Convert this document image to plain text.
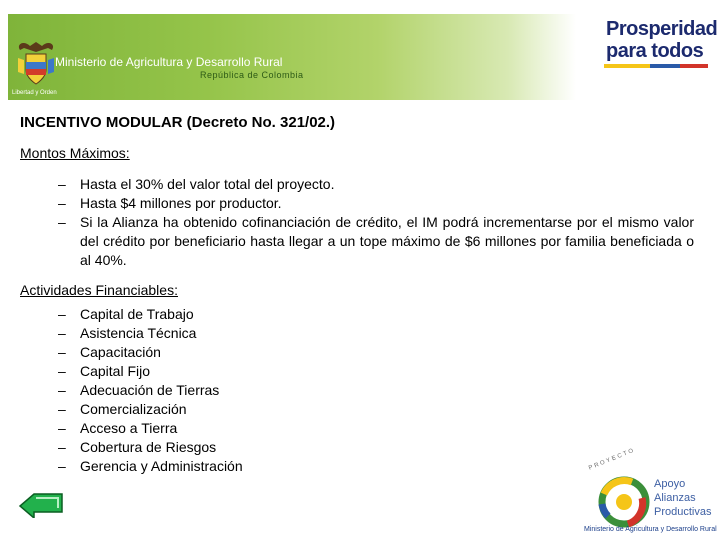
Ministerio de Agricultura y Desarrollo Rural
República de Colombia
Libertad y Orden
Prosperidad
para todos
INCENTIVO MODULAR (Decreto No. 321/02.)
Montos Máximos:
– Hasta el 30% del valor total del proyecto.
– Hasta $4 millones por productor.
– Si la Alianza ha obtenido cofinanciación de crédito, el IM podrá incrementarse por el mismo valor del crédito por beneficiario hasta llegar a un tope máximo de $6 millones por familia beneficiada o al 40%.
Actividades Financiables:
– Capital de Trabajo
– Asistencia Técnica
– Capacitación
– Capital Fijo
– Adecuación de Tierras
– Comercialización
– Acceso a Tierra
– Cobertura de Riesgos
– Gerencia y Administración	PROYECTO
Apoyo
Alianzas
Productivas
Ministerio de Agricultura y Desarrollo Rural
